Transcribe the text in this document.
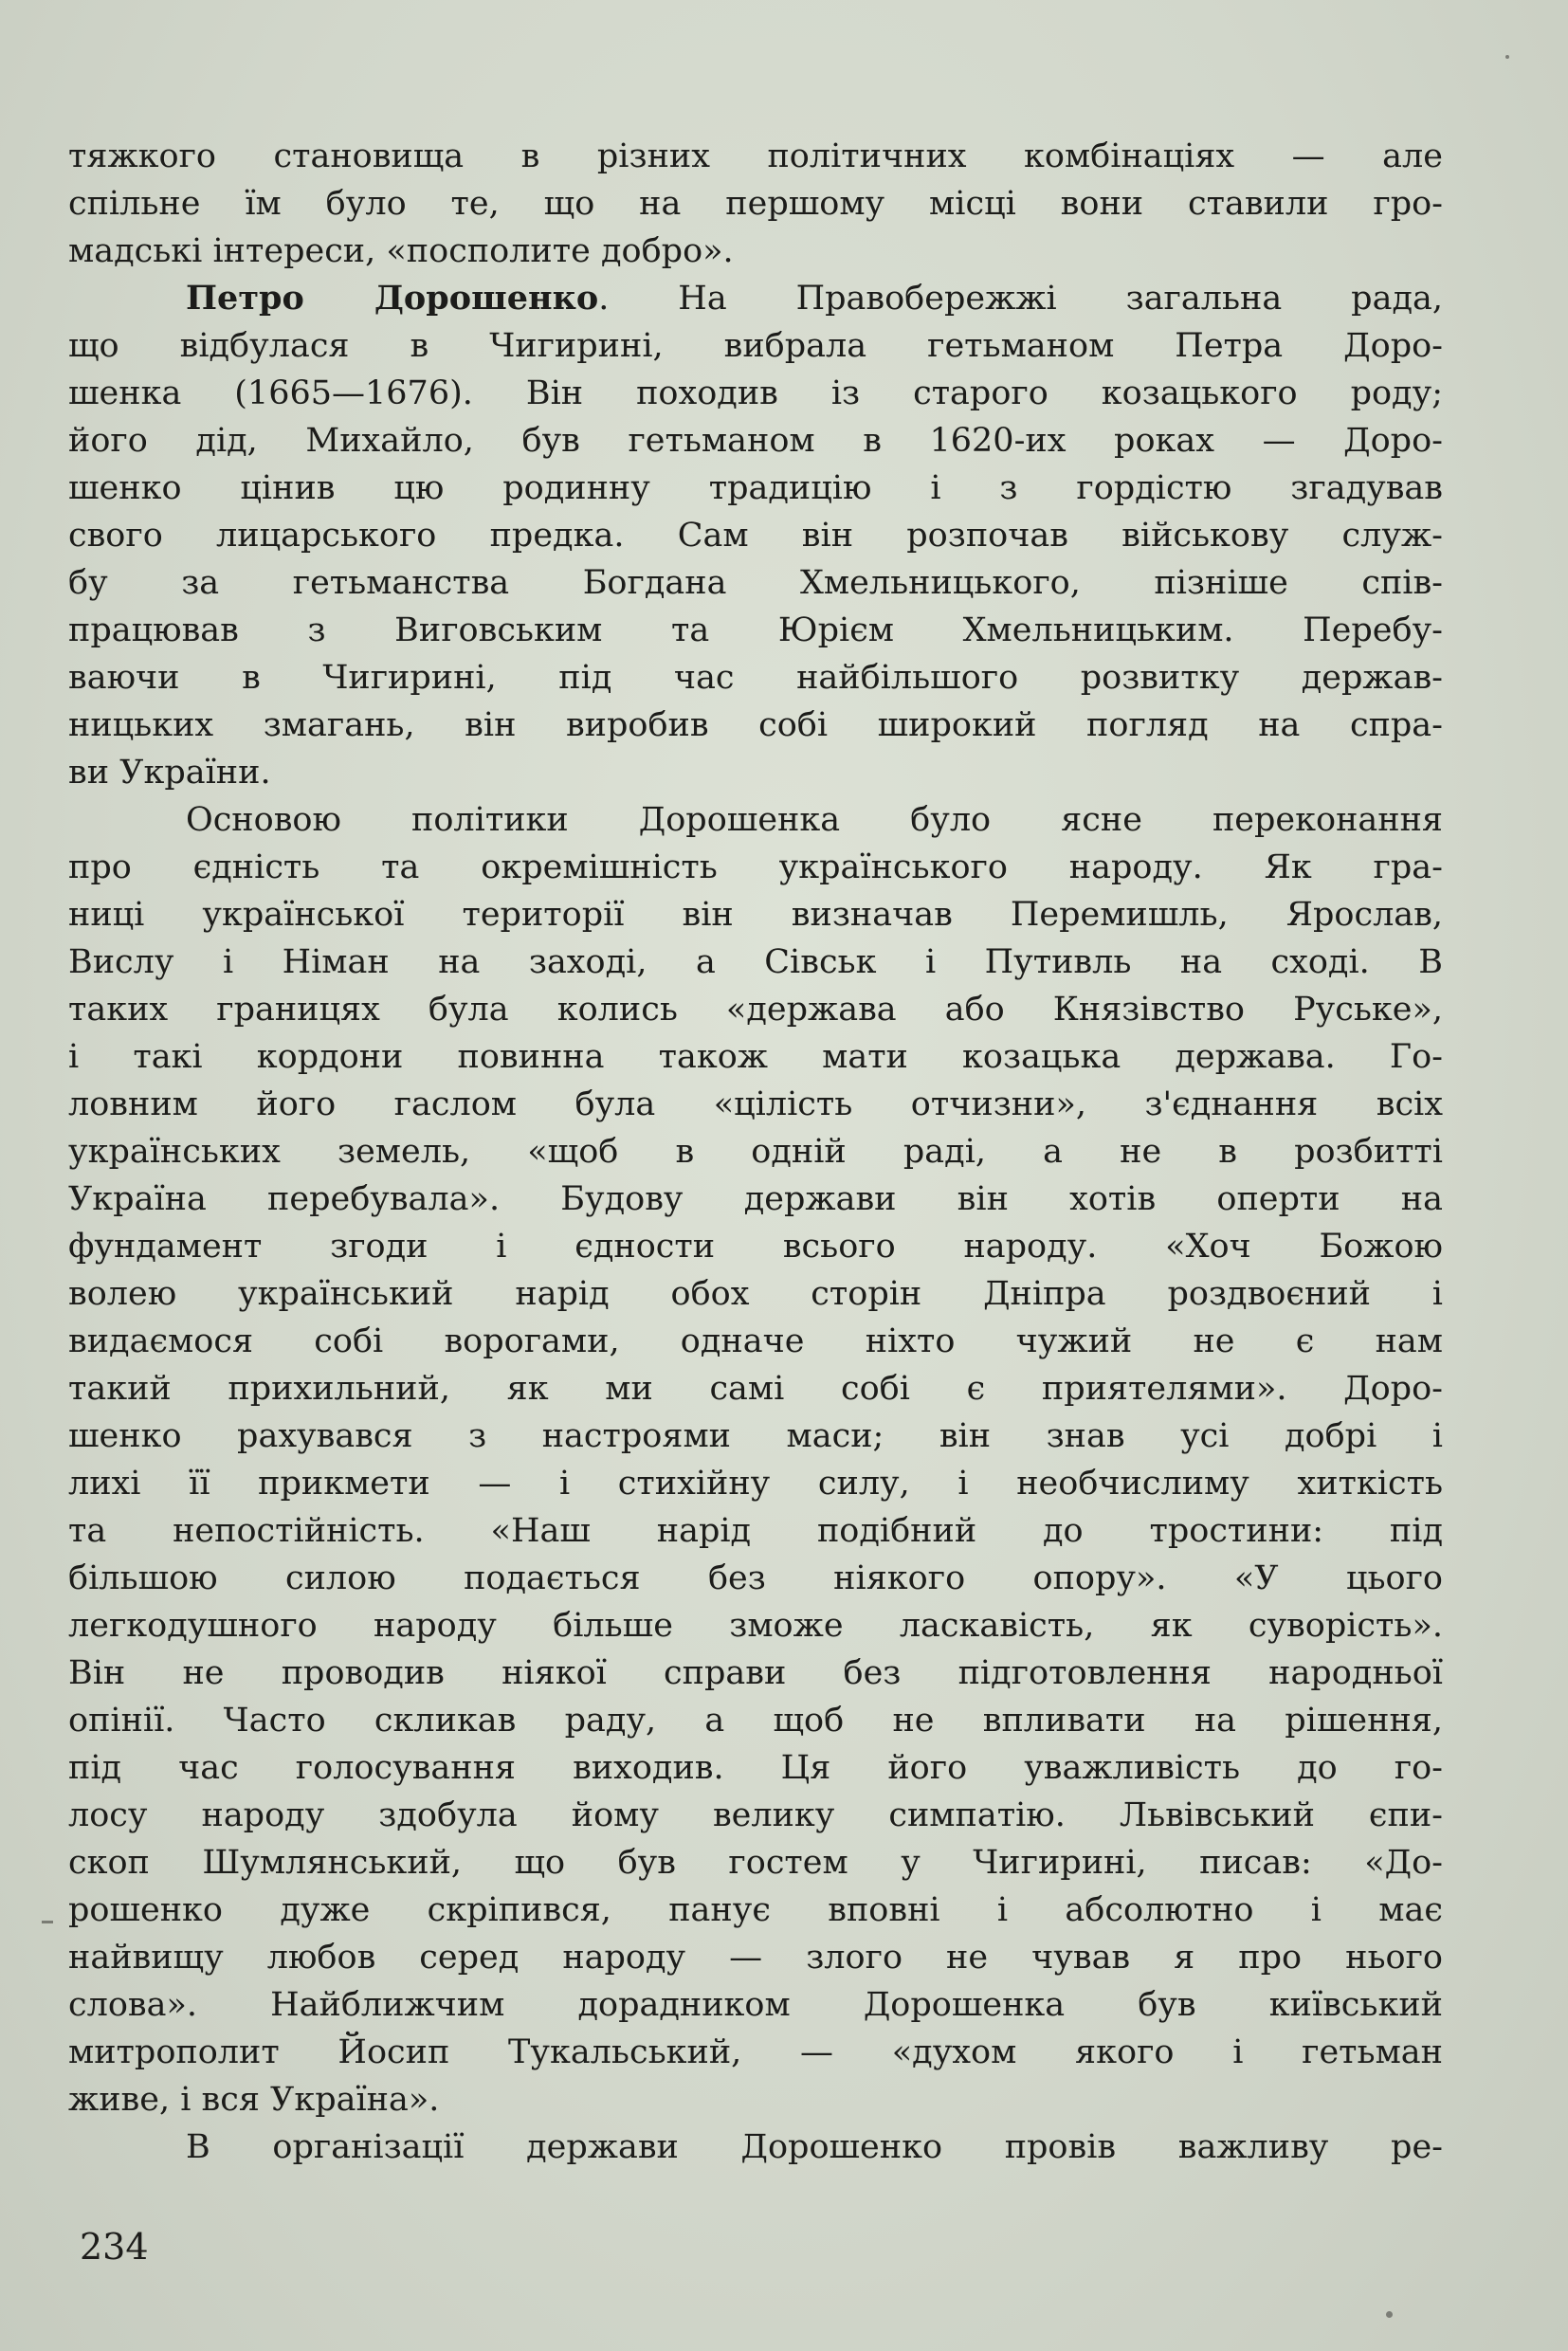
тяжкого становища в різних політичних комбінаціях — але
спільне їм було те, що на першому місці вони ставили гро-
мадські інтереси, «посполите добро».
Петро Дорошенко. На Правобережжі загальна рада,
що відбулася в Чигирині, вибрала гетьманом Петра Доро-
шенка (1665—1676). Він походив із старого козацького роду;
його дід, Михайло, був гетьманом в 1620-их роках — Доро-
шенко цінив цю родинну традицію і з гордістю згадував
свого лицарського предка. Сам він розпочав військову служ-
бу за гетьманства Богдана Хмельницького, пізніше спів-
працював з Виговським та Юрієм Хмельницьким. Перебу-
ваючи в Чигирині, під час найбільшого розвитку держав-
ницьких змагань, він виробив собі широкий погляд на спра-
ви України.
Основою політики Дорошенка було ясне переконання
про єдність та окремішність українського народу. Як гра-
ниці української території він визначав Перемишль, Ярослав,
Вислу і Німан на заході, а Сівськ і Путивль на сході. В
таких границях була колись «держава або Князівство Руське»,
і такі кордони повинна також мати козацька держава. Го-
ловним його гаслом була «цілість отчизни», з'єднання всіх
українських земель, «щоб в одній раді, а не в розбитті
Україна перебувала». Будову держави він хотів оперти на
фундамент згоди і єдности всього народу. «Хоч Божою
волею український нарід обох сторін Дніпра роздвоєний і
видаємося собі ворогами, одначе ніхто чужий не є нам
такий прихильний, як ми самі собі є приятелями». Доро-
шенко рахувався з настроями маси; він знав усі добрі і
лихі її прикмети — і стихійну силу, і необчислиму хиткість
та непостійність. «Наш нарід подібний до тростини: під
більшою силою подається без ніякого опору». «У цього
легкодушного народу більше зможе ласкавість, як суворість».
Він не проводив ніякої справи без підготовлення народньої
опінії. Часто скликав раду, а щоб не впливати на рішення,
під час голосування виходив. Ця його уважливість до го-
лосу народу здобула йому велику симпатію. Львівський єпи-
скоп Шумлянський, що був гостем у Чигирині, писав: «До-
рошенко дуже скріпився, панує вповні і абсолютно і має
найвищу любов серед народу — злого не чував я про нього
слова». Найближчим дорадником Дорошенка був київський
митрополит Йосип Тукальський, — «духом якого і гетьман
живе, і вся Україна».
В організації держави Дорошенко провів важливу ре-
234
